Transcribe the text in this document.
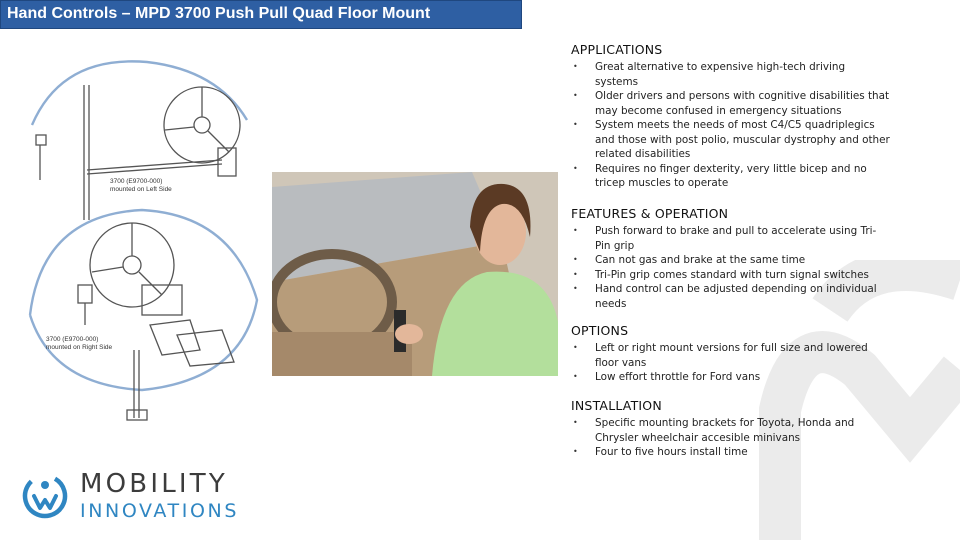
Hand Controls – MPD 3700 Push Pull Quad Floor Mount
3700 (E9700-000)
mounted on Left Side
3700 (E9700-000)
mounted on Right Side
APPLICATIONS
• Great alternative to expensive high-tech driving systems
• Older drivers and persons with cognitive disabilities that may become confused in emergency situations
• System meets the needs of most C4/C5 quadriplegics and those with post polio, muscular dystrophy and other related disabilities
• Requires no finger dexterity, very little bicep and no tricep muscles to operate
FEATURES & OPERATION
• Push forward to brake and pull to accelerate using Tri-Pin grip
• Can not gas and brake at the same time
• Tri-Pin grip comes standard with turn signal switches
• Hand control can be adjusted depending on individual needs
OPTIONS
• Left or right mount versions for full size and lowered floor vans
• Low effort throttle for Ford vans
INSTALLATION
• Specific mounting brackets for Toyota, Honda and Chrysler wheelchair accesible minivans
• Four to five hours install time
MOBILITY
INNOVATIONS
